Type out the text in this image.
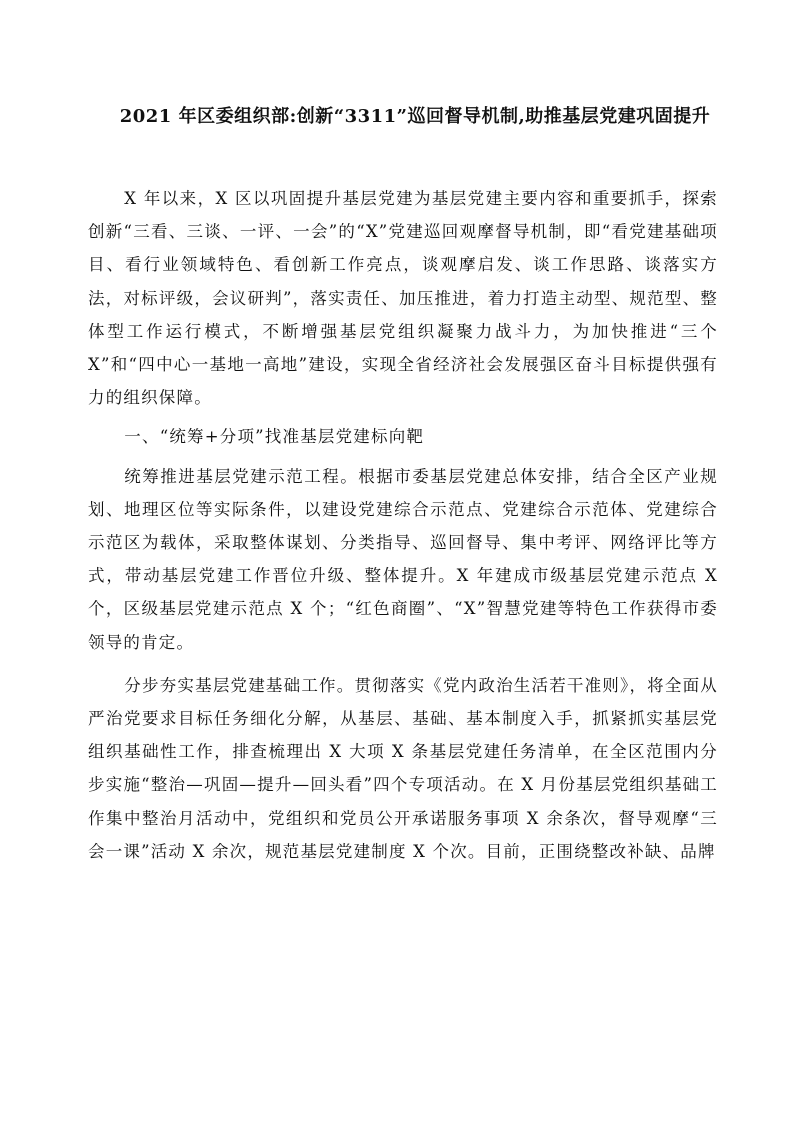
2021 年区委组织部:创新“3311”巡回督导机制,助推基层党建巩固提升

X 年以来，X 区以巩固提升基层党建为基层党建主要内容和重要抓手，探索创新“三看、三谈、一评、一会”的“X”党建巡回观摩督导机制，即“看党建基础项目、看行业领域特色、看创新工作亮点，谈观摩启发、谈工作思路、谈落实方法，对标评级，会议研判”，落实责任、加压推进，着力打造主动型、规范型、整体型工作运行模式，不断增强基层党组织凝聚力战斗力，为加快推进“三个 X”和“四中心一基地一高地”建设，实现全省经济社会发展强区奋斗目标提供强有力的组织保障。

一、“统筹+分项”找准基层党建标向靶

统筹推进基层党建示范工程。根据市委基层党建总体安排，结合全区产业规划、地理区位等实际条件，以建设党建综合示范点、党建综合示范体、党建综合示范区为载体，采取整体谋划、分类指导、巡回督导、集中考评、网络评比等方式，带动基层党建工作晋位升级、整体提升。X 年建成市级基层党建示范点 X 个，区级基层党建示范点 X 个；“红色商圈”、“X”智慧党建等特色工作获得市委领导的肯定。

分步夯实基层党建基础工作。贯彻落实《党内政治生活若干准则》，将全面从严治党要求目标任务细化分解，从基层、基础、基本制度入手，抓紧抓实基层党组织基础性工作，排查梳理出 X 大项 X 条基层党建任务清单，在全区范围内分步实施“整治—巩固—提升—回头看”四个专项活动。在 X 月份基层党组织基础工作集中整治月活动中，党组织和党员公开承诺服务事项 X 余条次，督导观摩“三会一课”活动 X 余次，规范基层党建制度 X 个次。目前，正围绕整改补缺、品牌
